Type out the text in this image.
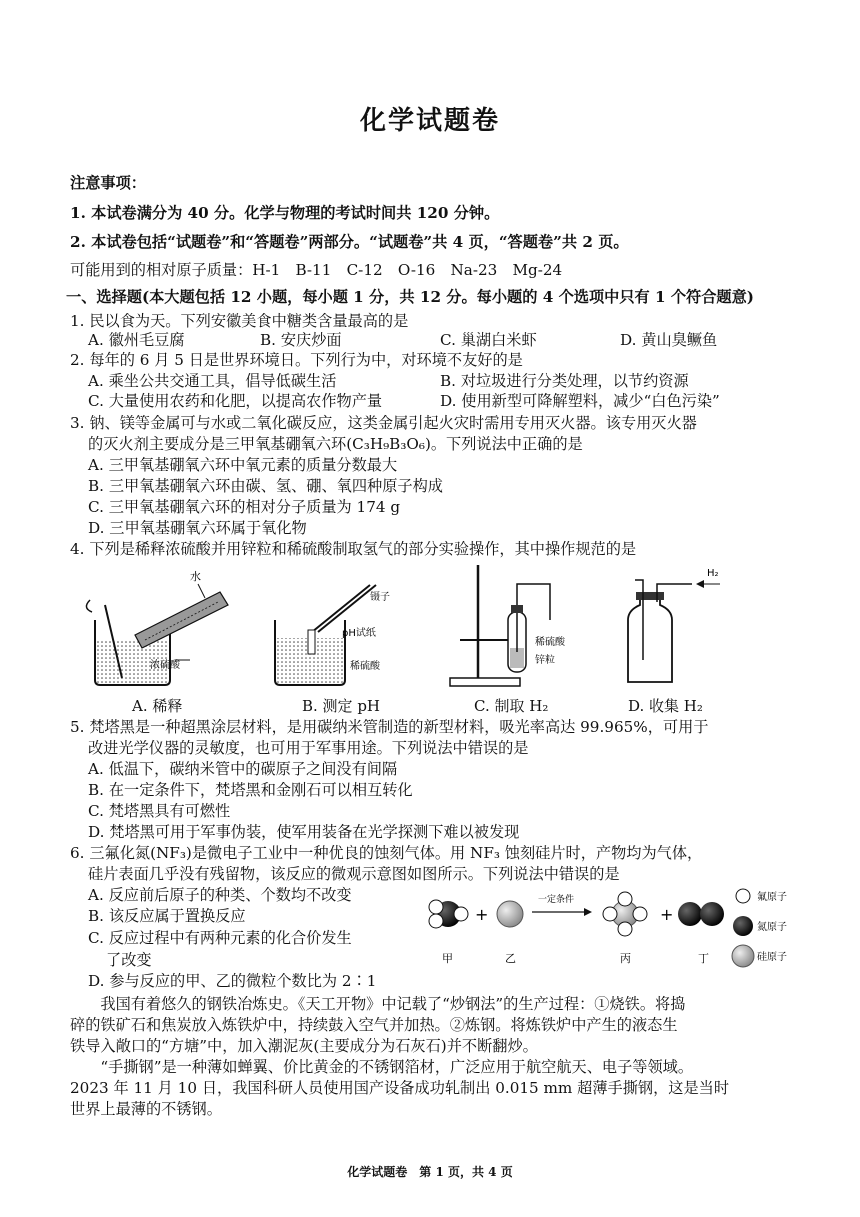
化学试题卷
注意事项：
1. 本试卷满分为 40 分。化学与物理的考试时间共 120 分钟。
2. 本试卷包括“试题卷”和“答题卷”两部分。“试题卷”共 4 页，“答题卷”共 2 页。
可能用到的相对原子质量：H-1　B-11　C-12　O-16　Na-23　Mg-24
一、选择题(本大题包括 12 小题，每小题 1 分，共 12 分。每小题的 4 个选项中只有 1 个符合题意)
1. 民以食为天。下列安徽美食中糖类含量最高的是
A. 徽州毛豆腐	B. 安庆炒面	C. 巢湖白米虾	D. 黄山臭鳜鱼
2. 每年的 6 月 5 日是世界环境日。下列行为中，对环境不友好的是
A. 乘坐公共交通工具，倡导低碳生活	B. 对垃圾进行分类处理，以节约资源
C. 大量使用农药和化肥，以提高农作物产量	D. 使用新型可降解塑料，减少“白色污染”
3. 钠、镁等金属可与水或二氧化碳反应，这类金属引起火灾时需用专用灭火器。该专用灭火器
的灭火剂主要成分是三甲氧基硼氧六环(C₃H₉B₃O₆)。下列说法中正确的是
A. 三甲氧基硼氧六环中氧元素的质量分数最大
B. 三甲氧基硼氧六环由碳、氢、硼、氧四种原子构成
C. 三甲氧基硼氧六环的相对分子质量为 174 g
D. 三甲氧基硼氧六环属于氧化物
4. 下列是稀释浓硫酸并用锌粒和稀硫酸制取氢气的部分实验操作，其中操作规范的是
水
浓硫酸
镊子
pH试纸
稀硫酸
稀硫酸
锌粒
H₂
A. 稀释	B. 测定 pH	C. 制取 H₂	D. 收集 H₂
5. 梵塔黑是一种超黑涂层材料，是用碳纳米管制造的新型材料，吸光率高达 99.965%，可用于
改进光学仪器的灵敏度，也可用于军事用途。下列说法中错误的是
A. 低温下，碳纳米管中的碳原子之间没有间隔
B. 在一定条件下，梵塔黑和金刚石可以相互转化
C. 梵塔黑具有可燃性
D. 梵塔黑可用于军事伪装，使军用装备在光学探测下难以被发现
6. 三氟化氮(NF₃)是微电子工业中一种优良的蚀刻气体。用 NF₃ 蚀刻硅片时，产物均为气体，
硅片表面几乎没有残留物，该反应的微观示意图如图所示。下列说法中错误的是
A. 反应前后原子的种类、个数均不改变
B. 该反应属于置换反应
C. 反应过程中有两种元素的化合价发生
了改变
D. 参与反应的甲、乙的微粒个数比为 2∶1
+
一定条件
+
甲	乙	丙	丁
氟原子
氮原子
硅原子
　　我国有着悠久的钢铁冶炼史。《天工开物》中记载了“炒钢法”的生产过程：①烧铁。将捣
碎的铁矿石和焦炭放入炼铁炉中，持续鼓入空气并加热。②炼钢。将炼铁炉中产生的液态生
铁导入敞口的“方塘”中，加入潮泥灰(主要成分为石灰石)并不断翻炒。
　　“手撕钢”是一种薄如蝉翼、价比黄金的不锈钢箔材，广泛应用于航空航天、电子等领域。
2023 年 11 月 10 日，我国科研人员使用国产设备成功轧制出 0.015 mm 超薄手撕钢，这是当时
世界上最薄的不锈钢。
化学试题卷　第 1 页，共 4 页
